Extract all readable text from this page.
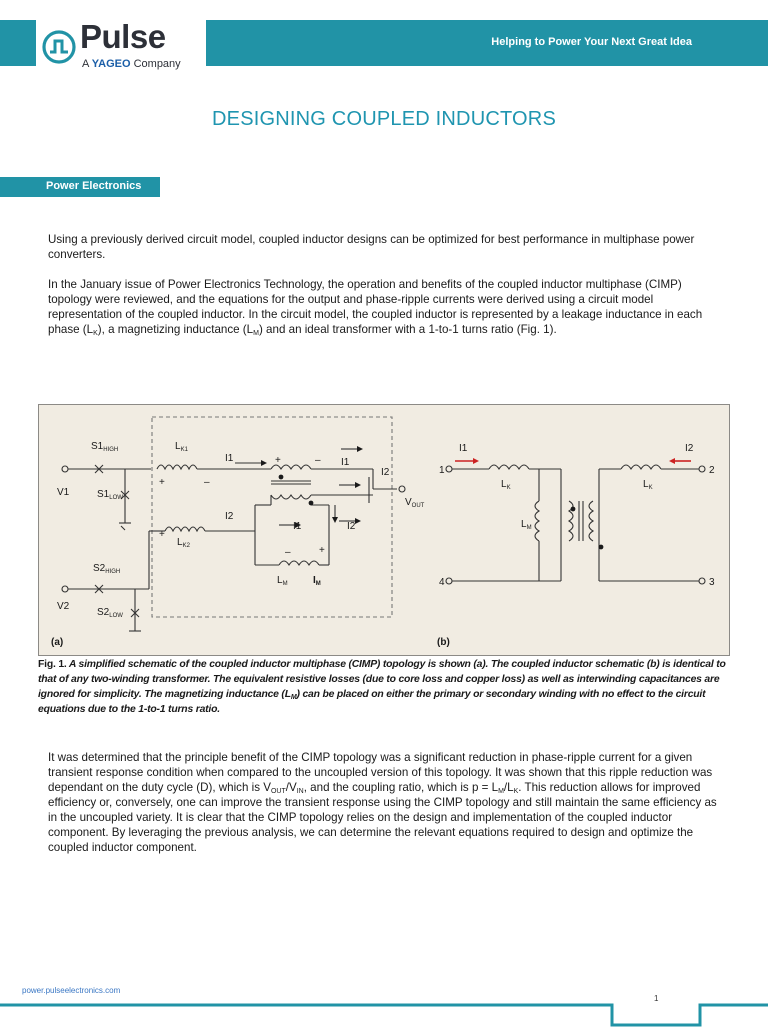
Pulse
A YAGEO Company
Helping to Power Your Next Great Idea
DESIGNING COUPLED INDUCTORS
Power Electronics
Using a previously derived circuit model, coupled inductor designs can be optimized for best performance in multiphase power converters.
In the January issue of Power Electronics Technology, the operation and benefits of the coupled inductor multiphase (CIMP) topology were reviewed, and the equations for the output and phase-ripple currents were derived using a circuit model representation of the coupled inductor. In the circuit model, the coupled inductor is represented by a leakage inductance in each phase $(L_K)$, a magnetizing inductance $(L_M)$ and an ideal transformer with a 1-to-1 turns ratio (Fig. 1).
$S1_{HIGH}$
$S1_{LOW}$
V1
$S2_{HIGH}$
$S2_{LOW}$
V2
$L_{K1}$
$L_{K2}$
I1	I1
I1
I2
I2
I2
$L_M$	$I_M$
$V_{OUT}$
+	–
+	–
+
+
–
(a)
I1	I2
1	2
3
4
$L_K$	$L_K$
$L_M$
(b)
Fig. 1. A simplified schematic of the coupled inductor multiphase (CIMP) topology is shown (a). The coupled inductor schematic (b) is identical to that of any two-winding transformer. The equivalent resistive losses (due to core loss and copper loss) as well as interwinding capacitances are ignored for simplicity. The magnetizing inductance $(L_M)$ can be placed on either the primary or secondary winding with no effect to the circuit equations due to the 1-to-1 turns ratio.
It was determined that the principle benefit of the CIMP topology was a significant reduction in phase-ripple current for a given transient response condition when compared to the uncoupled version of this topology. It was shown that this ripple reduction was dependant on the duty cycle (D), which is $V_{OUT}/V_{IN}$, and the coupling ratio, which is $p = L_M/L_K$. This reduction allows for improved efficiency or, conversely, one can improve the transient response using the CIMP topology and still maintain the same efficiency as in the uncoupled variety. It is clear that the CIMP topology relies on the design and implementation of the coupled inductor component. By leveraging the previous analysis, we can determine the relevant equations required to design and optimize the coupled inductor component.
power.pulseelectronics.com
1
